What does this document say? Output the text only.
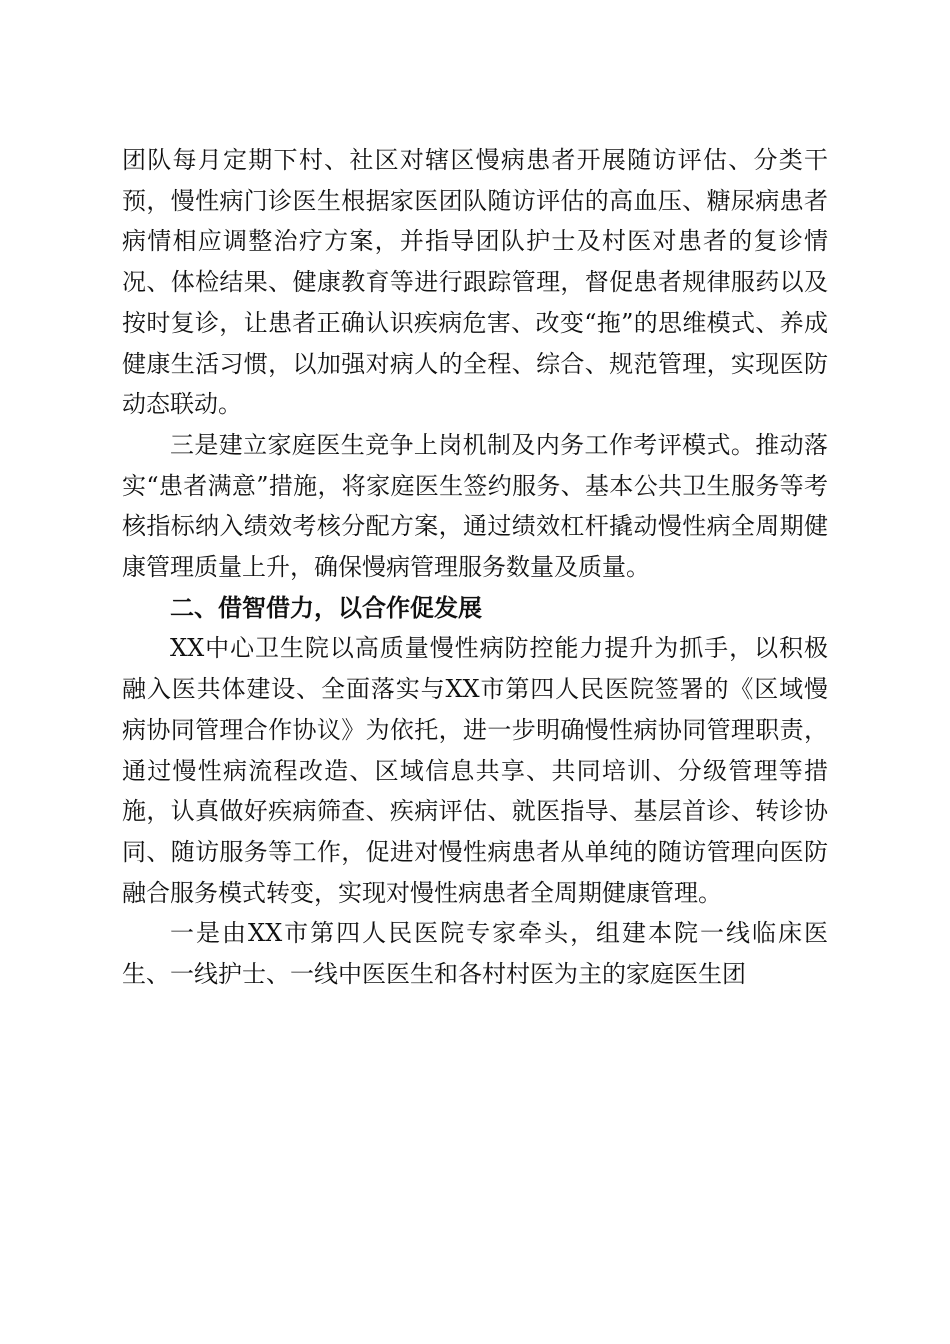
团队每月定期下村、社区对辖区慢病患者开展随访评估、分类干预，慢性病门诊医生根据家医团队随访评估的高血压、糖尿病患者病情相应调整治疗方案，并指导团队护士及村医对患者的复诊情况、体检结果、健康教育等进行跟踪管理，督促患者规律服药以及按时复诊，让患者正确认识疾病危害、改变“拖”的思维模式、养成健康生活习惯，以加强对病人的全程、综合、规范管理，实现医防动态联动。

三是建立家庭医生竞争上岗机制及内务工作考评模式。推动落实“患者满意”措施，将家庭医生签约服务、基本公共卫生服务等考核指标纳入绩效考核分配方案，通过绩效杠杆撬动慢性病全周期健康管理质量上升，确保慢病管理服务数量及质量。

二、借智借力，以合作促发展

XX中心卫生院以高质量慢性病防控能力提升为抓手，以积极融入医共体建设、全面落实与XX市第四人民医院签署的《区域慢病协同管理合作协议》为依托，进一步明确慢性病协同管理职责，通过慢性病流程改造、区域信息共享、共同培训、分级管理等措施，认真做好疾病筛查、疾病评估、就医指导、基层首诊、转诊协同、随访服务等工作，促进对慢性病患者从单纯的随访管理向医防融合服务模式转变，实现对慢性病患者全周期健康管理。

一是由XX市第四人民医院专家牵头，组建本院一线临床医生、一线护士、一线中医医生和各村村医为主的家庭医生团
